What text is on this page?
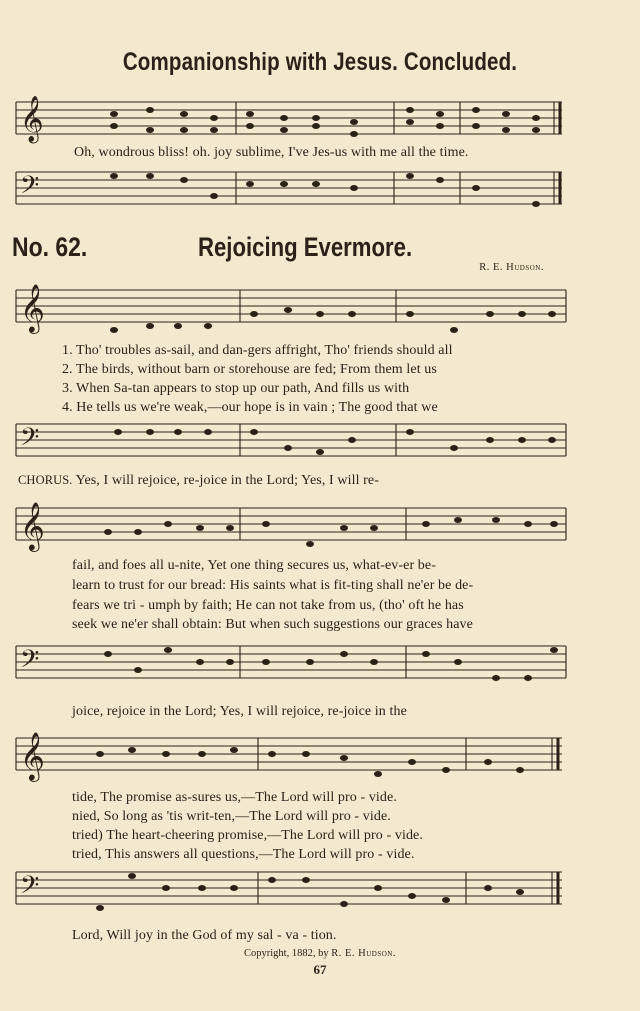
Companionship with Jesus. Concluded.
𝄞
Oh, wondrous bliss! oh. joy sublime, I've Jes-us with me all the time.
𝄢
No. 62.	Rejoicing Evermore.
R. E. Hudson.
𝄞
1. Tho' troubles as-sail, and dan-gers affright, Tho' friends should all
2. The birds, without barn or storehouse are fed; From them let us
3. When Sa-tan appears to stop up our path, And fills us with
4. He tells us we're weak,—our hope is in vain ; The good that we
𝄢
CHORUS. Yes, I will rejoice, re-joice in the Lord; Yes, I will re-
𝄞
fail, and foes all u-nite, Yet one thing secures us, what-ev-er be-
learn to trust for our bread: His saints what is fit-ting shall ne'er be de-
fears we tri - umph by faith; He can not take from us, (tho' oft he has
seek we ne'er shall obtain: But when such suggestions our graces have
𝄢
joice, rejoice in the Lord; Yes, I will rejoice, re-joice in the
𝄞
tide, The promise as-sures us,—The Lord will pro - vide.
nied, So long as 'tis writ-ten,—The Lord will pro - vide.
tried) The heart-cheering promise,—The Lord will pro - vide.
tried, This answers all questions,—The Lord will pro - vide.
𝄢
Lord, Will joy in the God of my sal - va - tion.
Copyright, 1882, by R. E. Hudson.
67
